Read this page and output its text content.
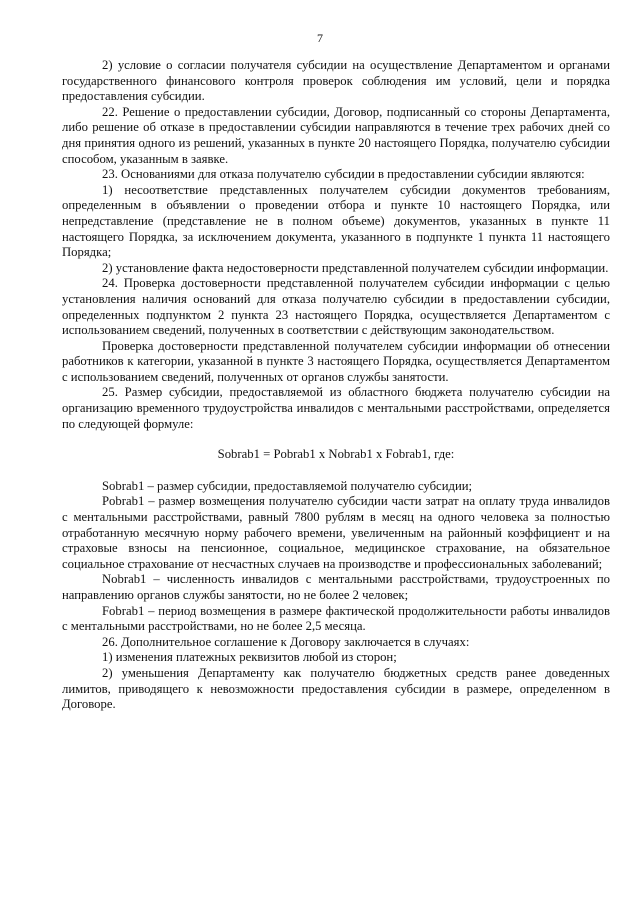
7

2) условие о согласии получателя субсидии на осуществление Департаментом и органами государственного финансового контроля проверок соблюдения им условий, цели и порядка предоставления субсидии.

22. Решение о предоставлении субсидии, Договор, подписанный со стороны Департамента, либо решение об отказе в предоставлении субсидии направляются в течение трех рабочих дней со дня принятия одного из решений, указанных в пункте 20 настоящего Порядка, получателю субсидии способом, указанным в заявке.

23. Основаниями для отказа получателю субсидии в предоставлении субсидии являются:

1) несоответствие представленных получателем субсидии документов требованиям, определенным в объявлении о проведении отбора и пункте 10 настоящего Порядка, или непредставление (представление не в полном объеме) документов, указанных в пункте 11 настоящего Порядка, за исключением документа, указанного в подпункте 1 пункта 11 настоящего Порядка;

2) установление факта недостоверности представленной получателем субсидии информации.

24. Проверка достоверности представленной получателем субсидии информации с целью установления наличия оснований для отказа получателю субсидии в предоставлении субсидии, определенных подпунктом 2 пункта 23 настоящего Порядка, осуществляется Департаментом с использованием сведений, полученных в соответствии с действующим законодательством.

Проверка достоверности представленной получателем субсидии информации об отнесении работников к категории, указанной в пункте 3 настоящего Порядка, осуществляется Департаментом с использованием сведений, полученных от органов службы занятости.

25. Размер субсидии, предоставляемой из областного бюджета получателю субсидии на организацию временного трудоустройства инвалидов с ментальными расстройствами, определяется по следующей формуле:

Sobrab1 = Pobrab1 x Nobrab1 x Fobrab1, где:

Sobrab1 – размер субсидии, предоставляемой получателю субсидии;

Pobrab1 – размер возмещения получателю субсидии части затрат на оплату труда инвалидов с ментальными расстройствами, равный 7800 рублям в месяц на одного человека за полностью отработанную месячную норму рабочего времени, увеличенным на районный коэффициент и на страховые взносы на пенсионное, социальное, медицинское страхование, на обязательное социальное страхование от несчастных случаев на производстве и профессиональных заболеваний;

Nobrab1 – численность инвалидов с ментальными расстройствами, трудоустроенных по направлению органов службы занятости, но не более 2 человек;

Fobrab1 – период возмещения в размере фактической продолжительности работы инвалидов с ментальными расстройствами, но не более 2,5 месяца.

26. Дополнительное соглашение к Договору заключается в случаях:

1) изменения платежных реквизитов любой из сторон;

2) уменьшения Департаменту как получателю бюджетных средств ранее доведенных лимитов, приводящего к невозможности предоставления субсидии в размере, определенном в Договоре.
